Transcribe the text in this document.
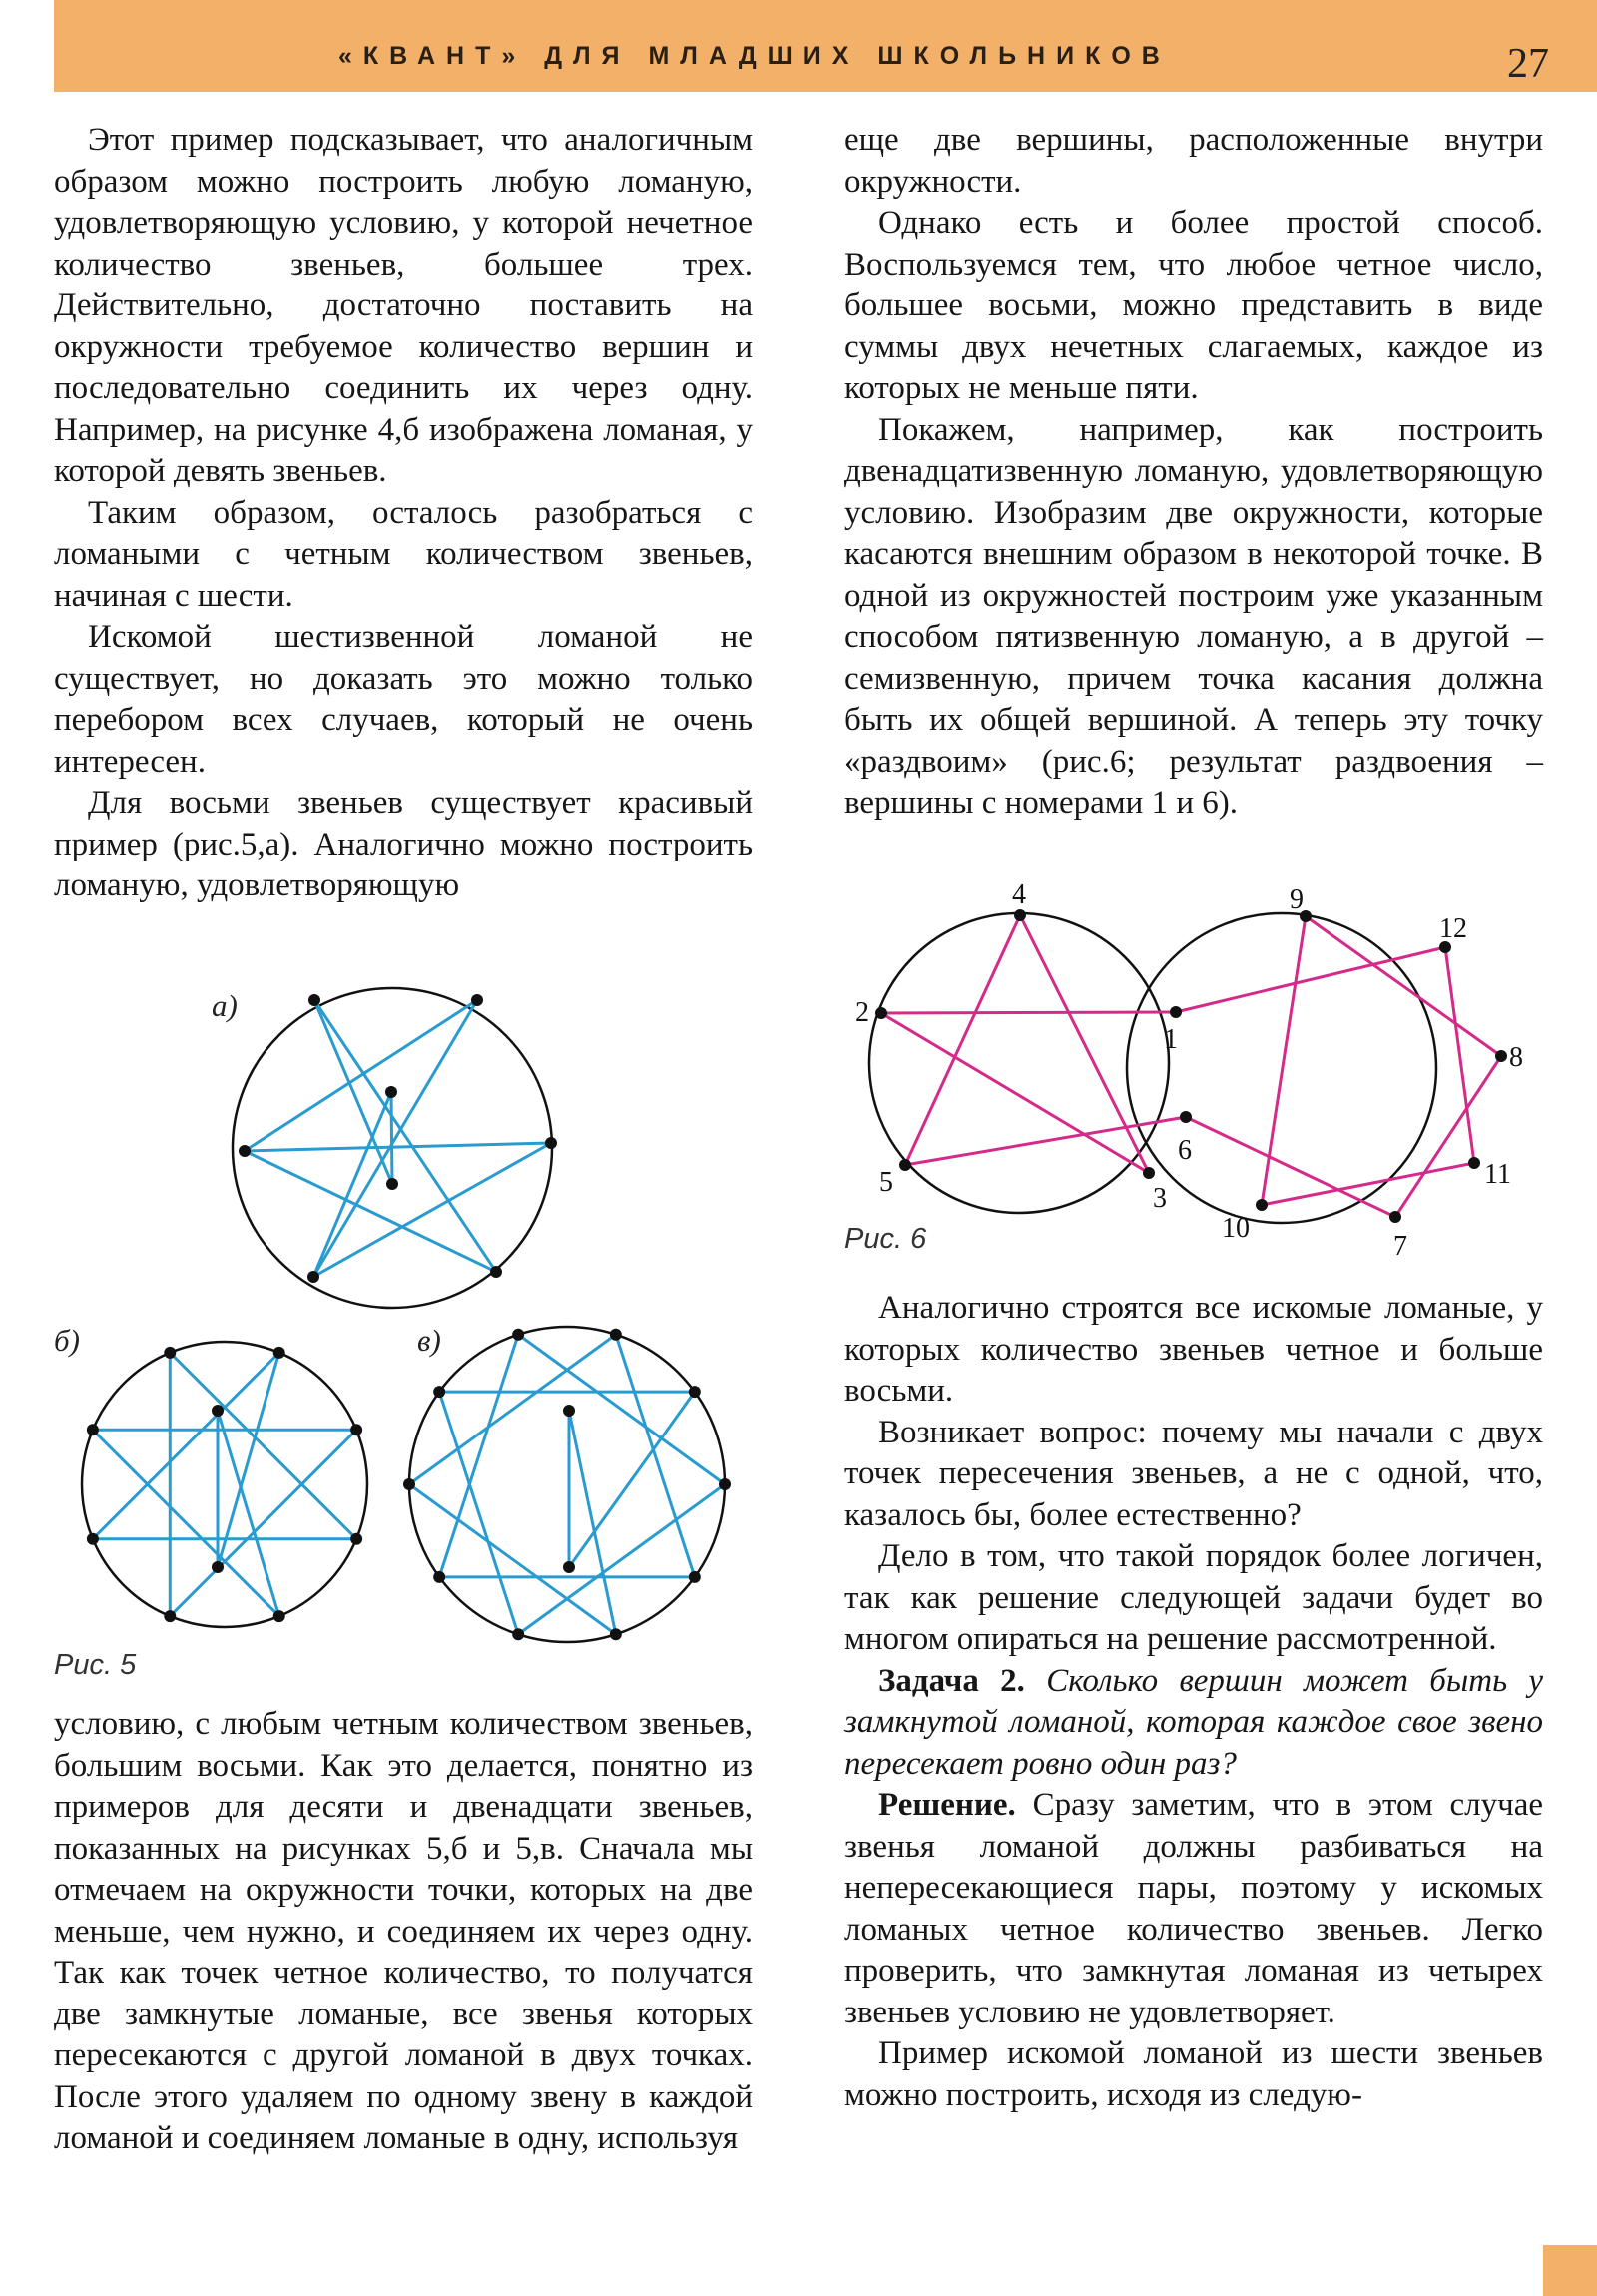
«КВАНТ» ДЛЯ МЛАДШИХ ШКОЛЬНИКОВ	27

Этот пример подсказывает, что аналогичным образом можно построить любую ломаную, удовлетворяющую условию, у которой нечетное количество звеньев, большее трех. Действительно, достаточно поставить на окружности требуемое количество вершин и последовательно соединить их через одну. Например, на рисунке 4,б изображена ломаная, у которой девять звеньев.

Таким образом, осталось разобраться с ломаными с четным количеством звеньев, начиная с шести.

Искомой шестизвенной ломаной не существует, но доказать это можно только перебором всех случаев, который не очень интересен.

Для восьми звеньев существует красивый пример (рис.5,а). Аналогично можно построить ломаную, удовлетворяющую

а)
б)	в)
Рис. 5

условию, с любым четным количеством звеньев, большим восьми. Как это делается, понятно из примеров для десяти и двенадцати звеньев, показанных на рисунках 5,б и 5,в. Сначала мы отмечаем на окружности точки, которых на две меньше, чем нужно, и соединяем их через одну. Так как точек четное количество, то получатся две замкнутые ломаные, все звенья которых пересекаются с другой ломаной в двух точках. После этого удаляем по одному звену в каждой ломаной и соединяем ломаные в одну, используя

еще две вершины, расположенные внутри окружности.

Однако есть и более простой способ. Воспользуемся тем, что любое четное число, большее восьми, можно представить в виде суммы двух нечетных слагаемых, каждое из которых не меньше пяти.

Покажем, например, как построить двенадцатизвенную ломаную, удовлетворяющую условию. Изобразим две окружности, которые касаются внешним образом в некоторой точке. В одной из окружностей построим уже указанным способом пятизвенную ломаную, а в другой – семизвенную, причем точка касания должна быть их общей вершиной. А теперь эту точку «раздвоим» (рис.6; результат раздвоения – вершины с номерами 1 и 6).

1
2
3
4
5
6
7
8
9
10
11
12
Рис. 6

Аналогично строятся все искомые ломаные, у которых количество звеньев четное и больше восьми.

Возникает вопрос: почему мы начали с двух точек пересечения звеньев, а не с одной, что, казалось бы, более естественно?

Дело в том, что такой порядок более логичен, так как решение следующей задачи будет во многом опираться на решение рассмотренной.

Задача 2. Сколько вершин может быть у замкнутой ломаной, которая каждое свое звено пересекает ровно один раз?

Решение. Сразу заметим, что в этом случае звенья ломаной должны разбиваться на непересекающиеся пары, поэтому у искомых ломаных четное количество звеньев. Легко проверить, что замкнутая ломаная из четырех звеньев условию не удовлетворяет.

Пример искомой ломаной из шести звеньев можно построить, исходя из следую-
